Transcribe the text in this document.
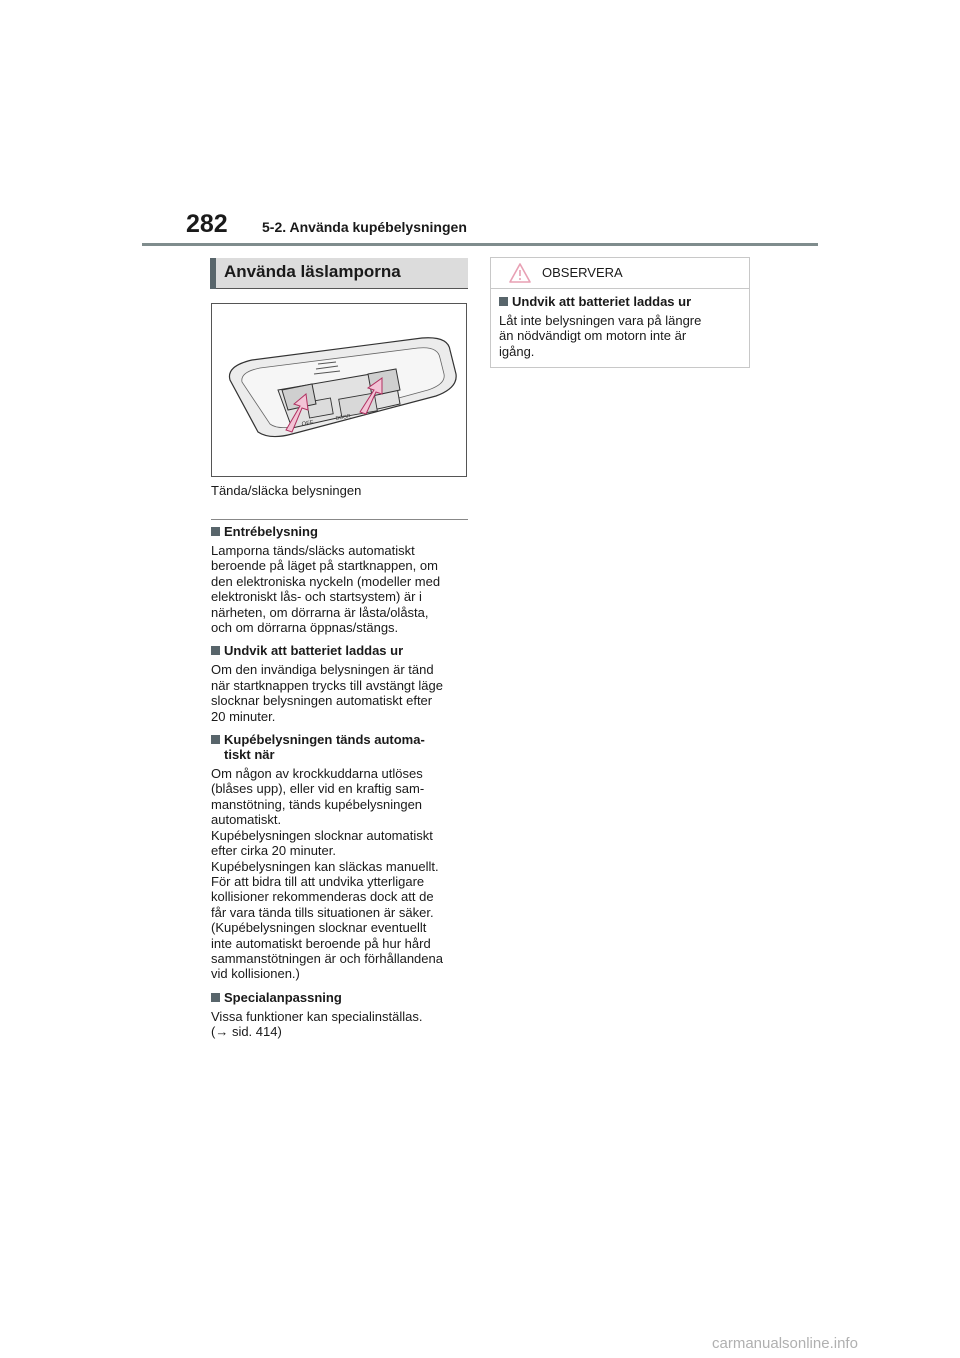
282 5-2. Använda kupébelysningen
Använda läslamporna
OFF
DOOR
Tända/släcka belysningen
Entrébelysning

Lamporna tänds/släcks automatiskt
beroende på läget på startknappen, om
den elektroniska nyckeln (modeller med
elektroniskt lås- och startsystem) är i
närheten, om dörrarna är låsta/olåsta,
och om dörrarna öppnas/stängs.

Undvik att batteriet laddas ur

Om den invändiga belysningen är tänd
när startknappen trycks till avstängt läge
slocknar belysningen automatiskt efter
20 minuter.

Kupébelysningen tänds automa-
tiskt när

Om någon av krockkuddarna utlöses
(blåses upp), eller vid en kraftig sam-
manstötning, tänds kupébelysningen
automatiskt.
Kupébelysningen slocknar automatiskt
efter cirka 20 minuter.
Kupébelysningen kan släckas manuellt.
För att bidra till att undvika ytterligare
kollisioner rekommenderas dock att de
får vara tända tills situationen är säker.
(Kupébelysningen slocknar eventuellt
inte automatiskt beroende på hur hård
sammanstötningen är och förhållandena
vid kollisionen.)

Specialanpassning

Vissa funktioner kan specialinställas.
(→ sid. 414)

OBSERVERA
Undvik att batteriet laddas ur

Låt inte belysningen vara på längre
än nödvändigt om motorn inte är
igång.

carmanualsonline.info
